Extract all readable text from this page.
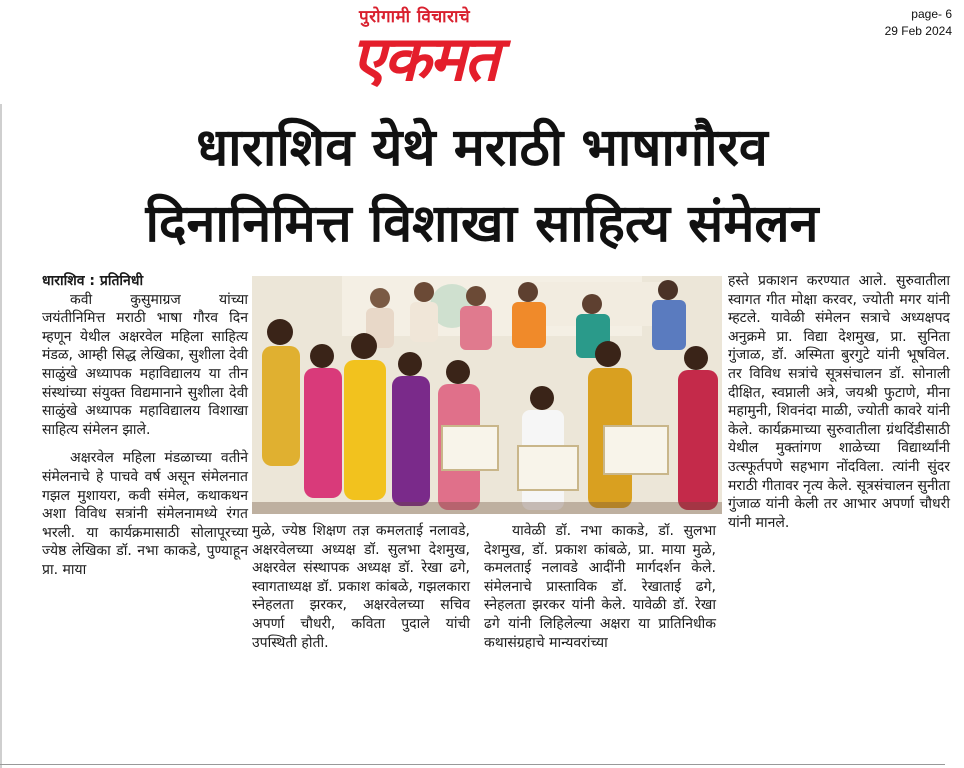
page- 6
29 Feb 2024
पुरोगामी विचाराचे
एकमत
धाराशिव येथे मराठी भाषागौरव
दिनानिमित्त विशाखा साहित्य संमेलन

धाराशिव : प्रतिनिधी

कवी कुसुमाग्रज यांच्या जयंतीनिमित्त मराठी भाषा गौरव दिन म्हणून येथील अक्षरवेल महिला साहित्य मंडळ, आम्ही सिद्ध लेखिका, सुशीला देवी साळुंखे अध्यापक महाविद्यालय या तीन संस्थांच्या संयुक्त विद्यमानाने सुशीला देवी साळुंखे अध्यापक महाविद्यालय विशाखा साहित्य संमेलन झाले.

अक्षरवेल महिला मंडळाच्या वतीने संमेलनाचे हे पाचवे वर्ष असून संमेलनात गझल मुशायरा, कवी संमेल, कथाकथन अशा विविध सत्रांनी संमेलनामध्ये रंगत भरली. या कार्यक्रमासाठी सोलापूरच्या ज्येष्ठ लेखिका डॉ. नभा काकडे, पुण्याहून प्रा. माया

मुळे, ज्येष्ठ शिक्षण तज्ञ कमलताई नलावडे, अक्षरवेलच्या अध्यक्ष डॉ. सुलभा देशमुख, अक्षरवेल संस्थापक अध्यक्ष डॉ. रेखा ढगे, स्वागताध्यक्ष डॉ. प्रकाश कांबळे, गझलकारा स्नेहलता झरकर, अक्षरवेलच्या सचिव अपर्णा चौधरी, कविता पुदाले यांची उपस्थिती होती.

यावेळी डॉ. नभा काकडे, डॉ. सुलभा देशमुख, डॉ. प्रकाश कांबळे, प्रा. माया मुळे, कमलताई नलावडे आदींनी मार्गदर्शन केले. संमेलनाचे प्रास्ताविक डॉ. रेखाताई ढगे, स्नेहलता झरकर यांनी केले. यावेळी डॉ. रेखा ढगे यांनी लिहिलेल्या अक्षरा या प्रातिनिधीक कथासंग्रहाचे मान्यवरांच्या

हस्ते प्रकाशन करण्यात आले. सुरुवातीला स्वागत गीत मोक्षा करवर, ज्योती मगर यांनी म्हटले. यावेळी संमेलन सत्राचे अध्यक्षपद अनुक्रमे प्रा. विद्या देशमुख, प्रा. सुनिता गुंजाळ, डॉ. अस्मिता बुरगुटे यांनी भूषविल. तर विविध सत्रांचे सूत्रसंचालन डॉ. सोनाली दीक्षित, स्वप्नाली अत्रे, जयश्री फुटाणे, मीना महामुनी, शिवनंदा माळी, ज्योती कावरे यांनी केले. कार्यक्रमाच्या सुरुवातीला ग्रंथदिंडीसाठी येथील मुक्तांगण शाळेच्या विद्यार्थ्यांनी उत्स्फूर्तपणे सहभाग नोंदविला. त्यांनी सुंदर मराठी गीतावर नृत्य केले. सूत्रसंचालन सुनीता गुंजाळ यांनी केली तर आभार अपर्णा चौधरी यांनी मानले.
